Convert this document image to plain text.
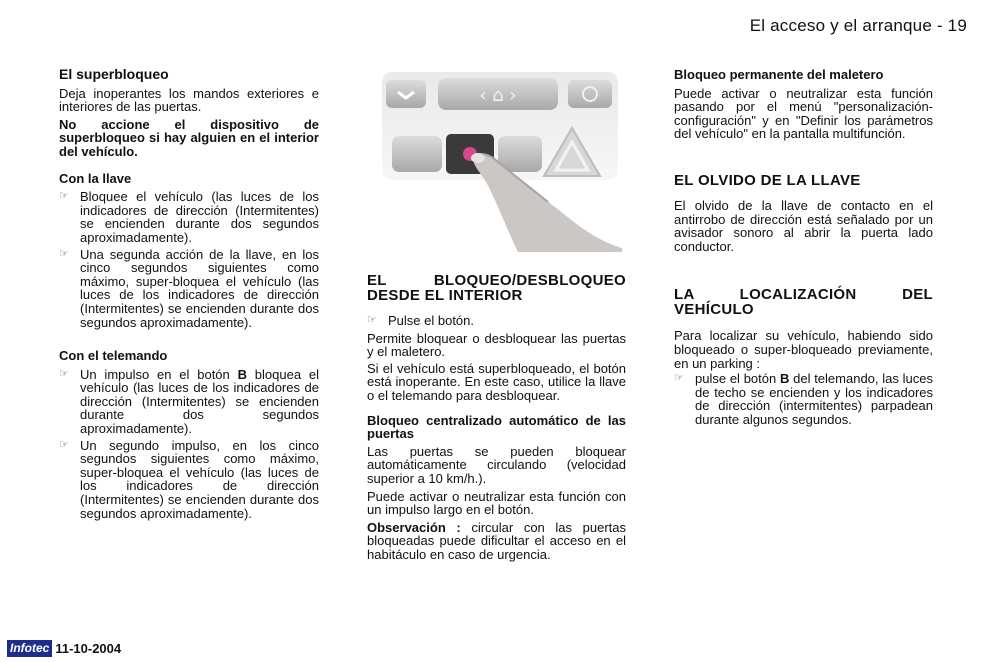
El acceso y el arranque - 19

El superbloqueo

Deja inoperantes los mandos exteriores e interiores de las puertas.

No accione el dispositivo de superbloqueo si hay alguien en el interior del vehículo.

Con la llave

☞ Bloquee el vehículo (las luces de los indicadores de dirección (Intermitentes) se encienden durante dos segundos aproximadamente).
☞ Una segunda acción de la llave, en los cinco segundos siguientes como máximo, super-bloquea el vehículo (las luces de los indicadores de dirección (Intermitentes) se encienden durante dos segundos aproximadamente).

Con el telemando

☞ Un impulso en el botón B bloquea el vehículo (las luces de los indicadores de dirección (Intermitentes) se encienden durante dos segundos aproximadamente).
☞ Un segundo impulso, en los cinco segundos siguientes como máximo, super-bloquea el vehículo (las luces de los indicadores de dirección (Intermitentes) se encienden durante dos segundos aproximadamente).
‹ ⌂ ›

EL BLOQUEO/DESBLOQUEO DESDE EL INTERIOR

☞ Pulse el botón.

Permite bloquear o desbloquear las puertas y el maletero.

Si el vehículo está superbloqueado, el botón está inoperante. En este caso, utilice la llave o el telemando para desbloquear.

Bloqueo centralizado automático de las puertas

Las puertas se pueden bloquear automáticamente circulando (velocidad superior a 10 km/h.).

Puede activar o neutralizar esta función con un impulso largo en el botón.

Observación : circular con las puertas bloqueadas puede dificultar el acceso en el habitáculo en caso de urgencia.

Bloqueo permanente del maletero

Puede activar o neutralizar esta función pasando por el menú "personalización-configuración" y en "Definir los parámetros del vehículo" en la pantalla multifunción.

EL OLVIDO DE LA LLAVE

El olvido de la llave de contacto en el antirrobo de dirección está señalado por un avisador sonoro al abrir la puerta lado conductor.

LA LOCALIZACIÓN DEL VEHÍCULO

Para localizar su vehículo, habiendo sido bloqueado o super-bloqueado previamente, en un parking :

☞ pulse el botón B del telemando, las luces de techo se encienden y los indicadores de dirección (intermitentes) parpadean durante algunos segundos.
Infotec 11-10-2004
